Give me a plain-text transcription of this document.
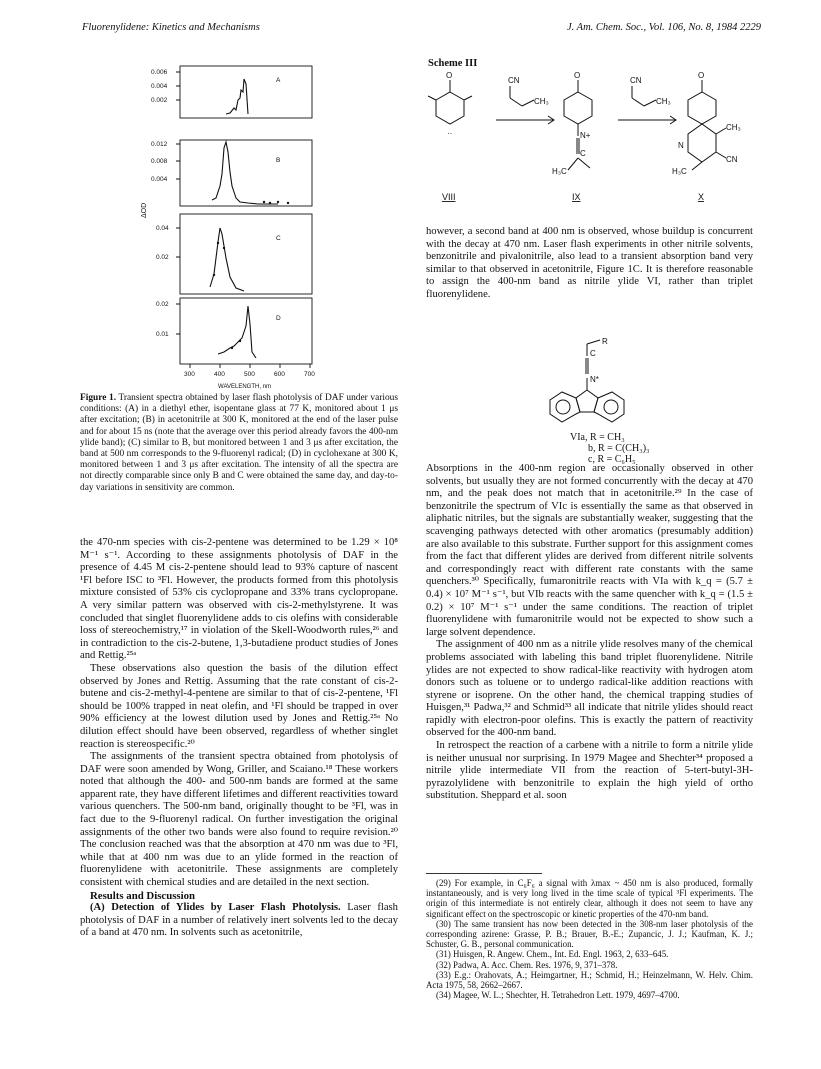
Fluorenylidene: Kinetics and Mechanisms	J. Am. Chem. Soc., Vol. 106, No. 8, 1984 2229
0.006
0.004
0.002
0.012
0.008
0.004
0.04
0.02
0.02
0.01
A
B
C
D
300	400	500	600	700
WAVELENGTH, nm
ΔOD
Figure 1. Transient spectra obtained by laser flash photolysis of DAF under various conditions: (A) in a diethyl ether, isopentane glass at 77 K, monitored about 1 μs after excitation; (B) in acetonitrile at 300 K, monitored at the end of the laser pulse and for about 15 ns (note that the average over this period already favors the 400-nm ylide band); (C) similar to B, but monitored between 1 and 3 μs after excitation, the band at 500 nm corresponds to the 9-fluorenyl radical; (D) in cyclohexane at 300 K, monitored between 1 and 3 μs after excitation. The intensity of all the spectra are not directly comparable since only B and C were obtained the same day, and day-to-day variations in sensitivity are common.

the 470-nm species with cis-2-pentene was determined to be 1.29 × 10⁸ M⁻¹ s⁻¹. According to these assignments photolysis of DAF in the presence of 4.45 M cis-2-pentene should lead to 93% capture of nascent ¹Fl before ISC to ³Fl. However, the products formed from this photolysis mixture consisted of 53% cis cyclopropane and 33% trans cyclopropane. A very similar pattern was observed with cis-2-methylstyrene. It was concluded that singlet fluorenylidene adds to cis olefins with considerable loss of stereochemistry,¹⁷ in violation of the Skell-Woodworth rules,²⁶ and in contradiction to the cis-2-butene, 1,3-butadiene product studies of Jones and Rettig.²⁵ᵃ

These observations also question the basis of the dilution effect observed by Jones and Rettig. Assuming that the rate constant of cis-2-butene and cis-2-methyl-4-pentene are similar to that of cis-2-pentene, ¹Fl should be 100% trapped in neat olefin, and ¹Fl should be trapped in over 90% efficiency at the lowest dilution used by Jones and Rettig.²⁵ᵃ No dilution effect should have been observed, regardless of whether singlet reaction is stereospecific.²⁰

The assignments of the transient spectra obtained from photolysis of DAF were soon amended by Wong, Griller, and Scaiano.¹⁸ These workers noted that although the 400- and 500-nm bands are formed at the same apparent rate, they have different lifetimes and different reactivities toward various quenchers. The 500-nm band, originally thought to be ³Fl, was in fact due to the 9-fluorenyl radical. On further investigation the original assignments of the other two bands were also found to require revision.²⁰ The conclusion reached was that the absorption at 470 nm was due to ³Fl, while that at 400 nm was due to an ylide formed in the reaction of fluorenylidene with acetonitrile. These assignments are completely consistent with chemical studies and are detailed in the next section.

Results and Discussion

(A) Detection of Ylides by Laser Flash Photolysis. Laser flash photolysis of DAF in a number of relatively inert solvents led to the decay of a band at 470 nm. In solvents such as acetonitrile,

Scheme III
O
··
CN
CH₃
O
N+
C
H₃C
CN
CH₃
O
CH₃
CN
N
H₃C
VIII	IX	X

however, a second band at 400 nm is observed, whose buildup is concurrent with the decay at 470 nm. Laser flash experiments in other nitrile solvents, benzonitrile and pivalonitrile, also lead to a transient absorption band very similar to that observed in acetonitrile, Figure 1C. It is therefore reasonable to assign the 400-nm band as nitrile ylide VI, rather than triplet fluorenylidene.

R
C
N*
VIa, R = CH₃
b, R = C(CH₃)₃
c, R = C₆H₅

Absorptions in the 400-nm region are occasionally observed in other solvents, but usually they are not formed concurrently with the decay at 470 nm, and the peak does not match that in acetonitrile.²⁹ In the case of benzonitrile the spectrum of VIc is essentially the same as that observed in aliphatic nitriles, but the signals are substantially weaker, suggesting that the scavenging pathways detected with other aromatics (presumably addition) are also available to this substrate. Further support for this assignment comes from the fact that different ylides are derived from different nitrile solvents and correspondingly react with different rate constants with the same quenchers.³⁰ Specifically, fumaronitrile reacts with VIa with k_q = (5.7 ± 0.4) × 10⁷ M⁻¹ s⁻¹, but VIb reacts with the same quencher with k_q = (1.5 ± 0.2) × 10⁷ M⁻¹ s⁻¹ under the same conditions. The reaction of triplet fluorenylidene with fumaronitrile would not be expected to show such a large solvent dependence.

The assignment of 400 nm as a nitrile ylide resolves many of the chemical problems associated with labeling this band triplet fluorenylidene. Nitrile ylides are not expected to show radical-like reactivity with hydrogen atom donors such as toluene or to undergo radical-like addition reactions with styrene or isoprene. On the other hand, the chemical trapping studies of Huisgen,³¹ Padwa,³² and Schmid³³ all indicate that nitrile ylides should react rapidly with electron-poor olefins. This is exactly the pattern of reactivity observed for the 400-nm band.

In retrospect the reaction of a carbene with a nitrile to form a nitrile ylide is neither unusual nor surprising. In 1979 Magee and Shechter³⁴ proposed a nitrile ylide intermediate VII from the reaction of 5-tert-butyl-3H-pyrazolylidene with benzonitrile to explain the high yield of ortho substitution. Sheppard et al. soon

(29) For example, in C₆F₆ a signal with λmax ~ 450 nm is also produced, formally instantaneously, and is very long lived in the time scale of typical ³Fl experiments. The origin of this intermediate is not entirely clear, although it does not seem to have any significant effect on the spectroscopic or kinetic properties of the 470-nm band.

(30) The same transient has now been detected in the 308-nm laser photolysis of the corresponding azirene: Grasse, P. B.; Brauer, B.-E.; Zupancic, J. J.; Kaufman, K. J.; Schuster, G. B., personal communication.

(31) Huisgen, R. Angew. Chem., Int. Ed. Engl. 1963, 2, 633–645.

(32) Padwa, A. Acc. Chem. Res. 1976, 9, 371–378.

(33) E.g.: Orahovats, A.; Heimgartner, H.; Schmid, H.; Heinzelmann, W. Helv. Chim. Acta 1975, 58, 2662–2667.

(34) Magee, W. L.; Shechter, H. Tetrahedron Lett. 1979, 4697–4700.
